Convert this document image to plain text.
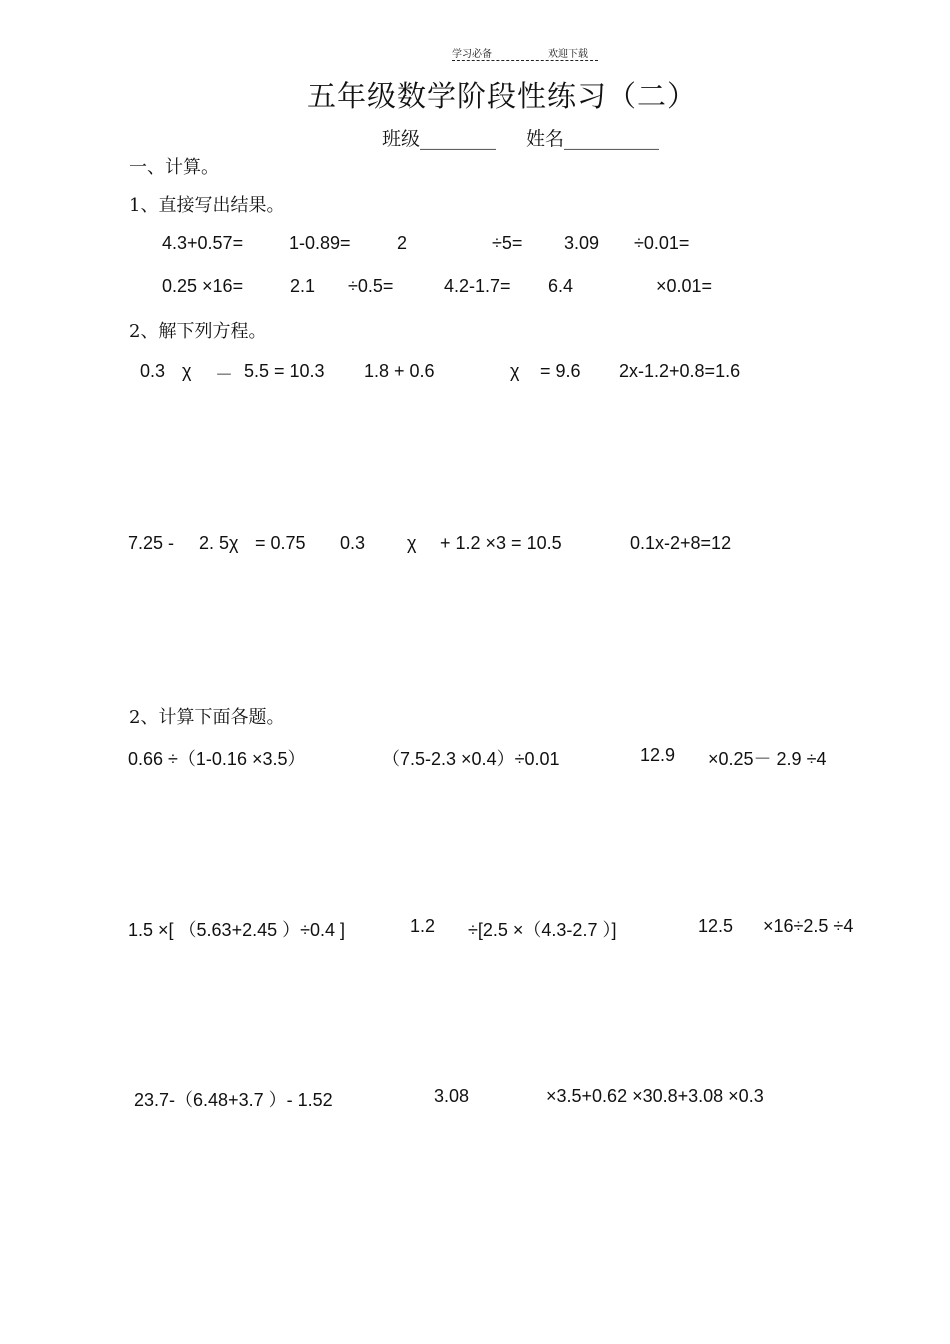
学习必备	欢迎下载
五年级数学阶段性练习（二）
班级________ 姓名__________
一、计算。
1、直接写出结果。
4.3+0.57=	1-0.89=	2	÷5= 3.09 ÷0.01=
0.25 ×16=	2.1 ÷0.5=	4.2-1.7= 6.4	×0.01=
2、解下列方程。
0.3 χ － 5.5 = 10.3 1.8 + 0.6	χ = 9.6 2x-1.2+0.8=1.6
7.25 - 2. 5χ = 0.75 0.3 χ + 1.2 ×3 = 10.5	0.1x-2+8=12
2、计算下面各题。
0.66 ÷（1-0.16 ×3.5）	（7.5-2.3 ×0.4）÷0.01	12.9 ×0.25－ 2.9 ÷4
1.5 ×[ （5.63+2.45 ）÷0.4 ]	1.2 ÷[2.5 ×（4.3-2.7 ）]	12.5 ×16÷2.5 ÷4
23.7-（6.48+3.7 ）- 1.52	3.08	×3.5+0.62 ×30.8+3.08 ×0.3
